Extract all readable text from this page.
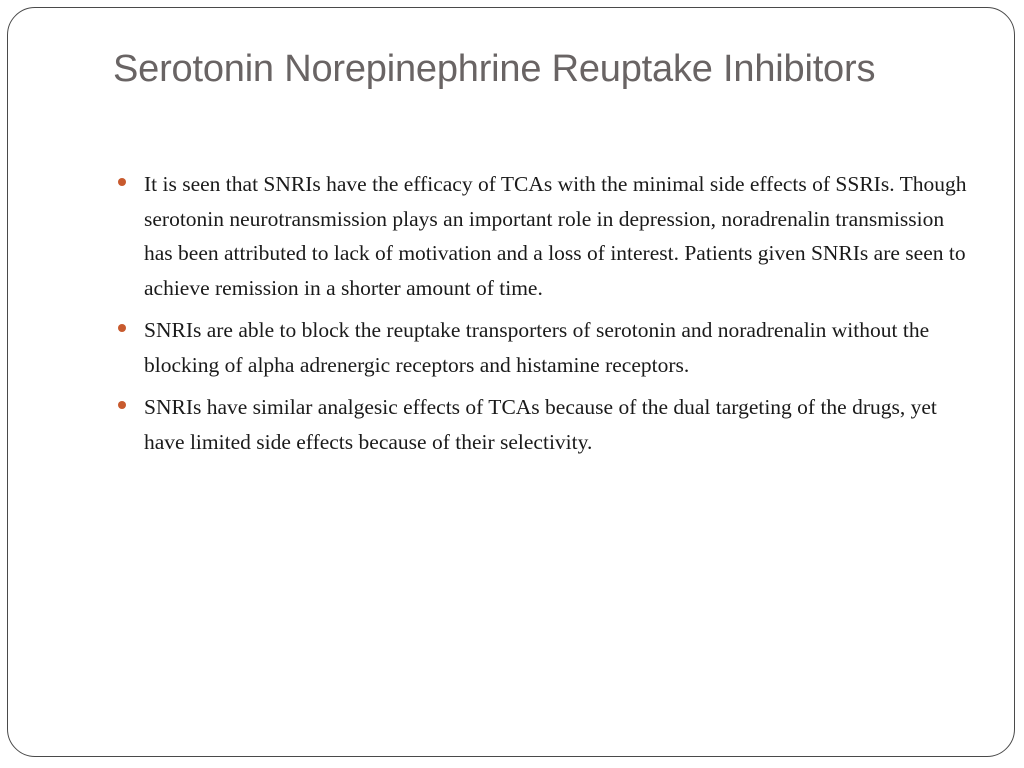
Serotonin Norepinephrine Reuptake Inhibitors
It is seen that SNRIs have the efficacy of TCAs with the minimal side effects of SSRIs. Though serotonin neurotransmission plays an important role in depression, noradrenalin transmission has been attributed to lack of motivation and a loss of interest. Patients given SNRIs are seen to achieve remission in a shorter amount of time.
SNRIs are able to block the reuptake transporters of serotonin and noradrenalin without the blocking of alpha adrenergic receptors and histamine receptors.
SNRIs have similar analgesic effects of TCAs because of the dual targeting of the drugs, yet have limited side effects because of their selectivity.
